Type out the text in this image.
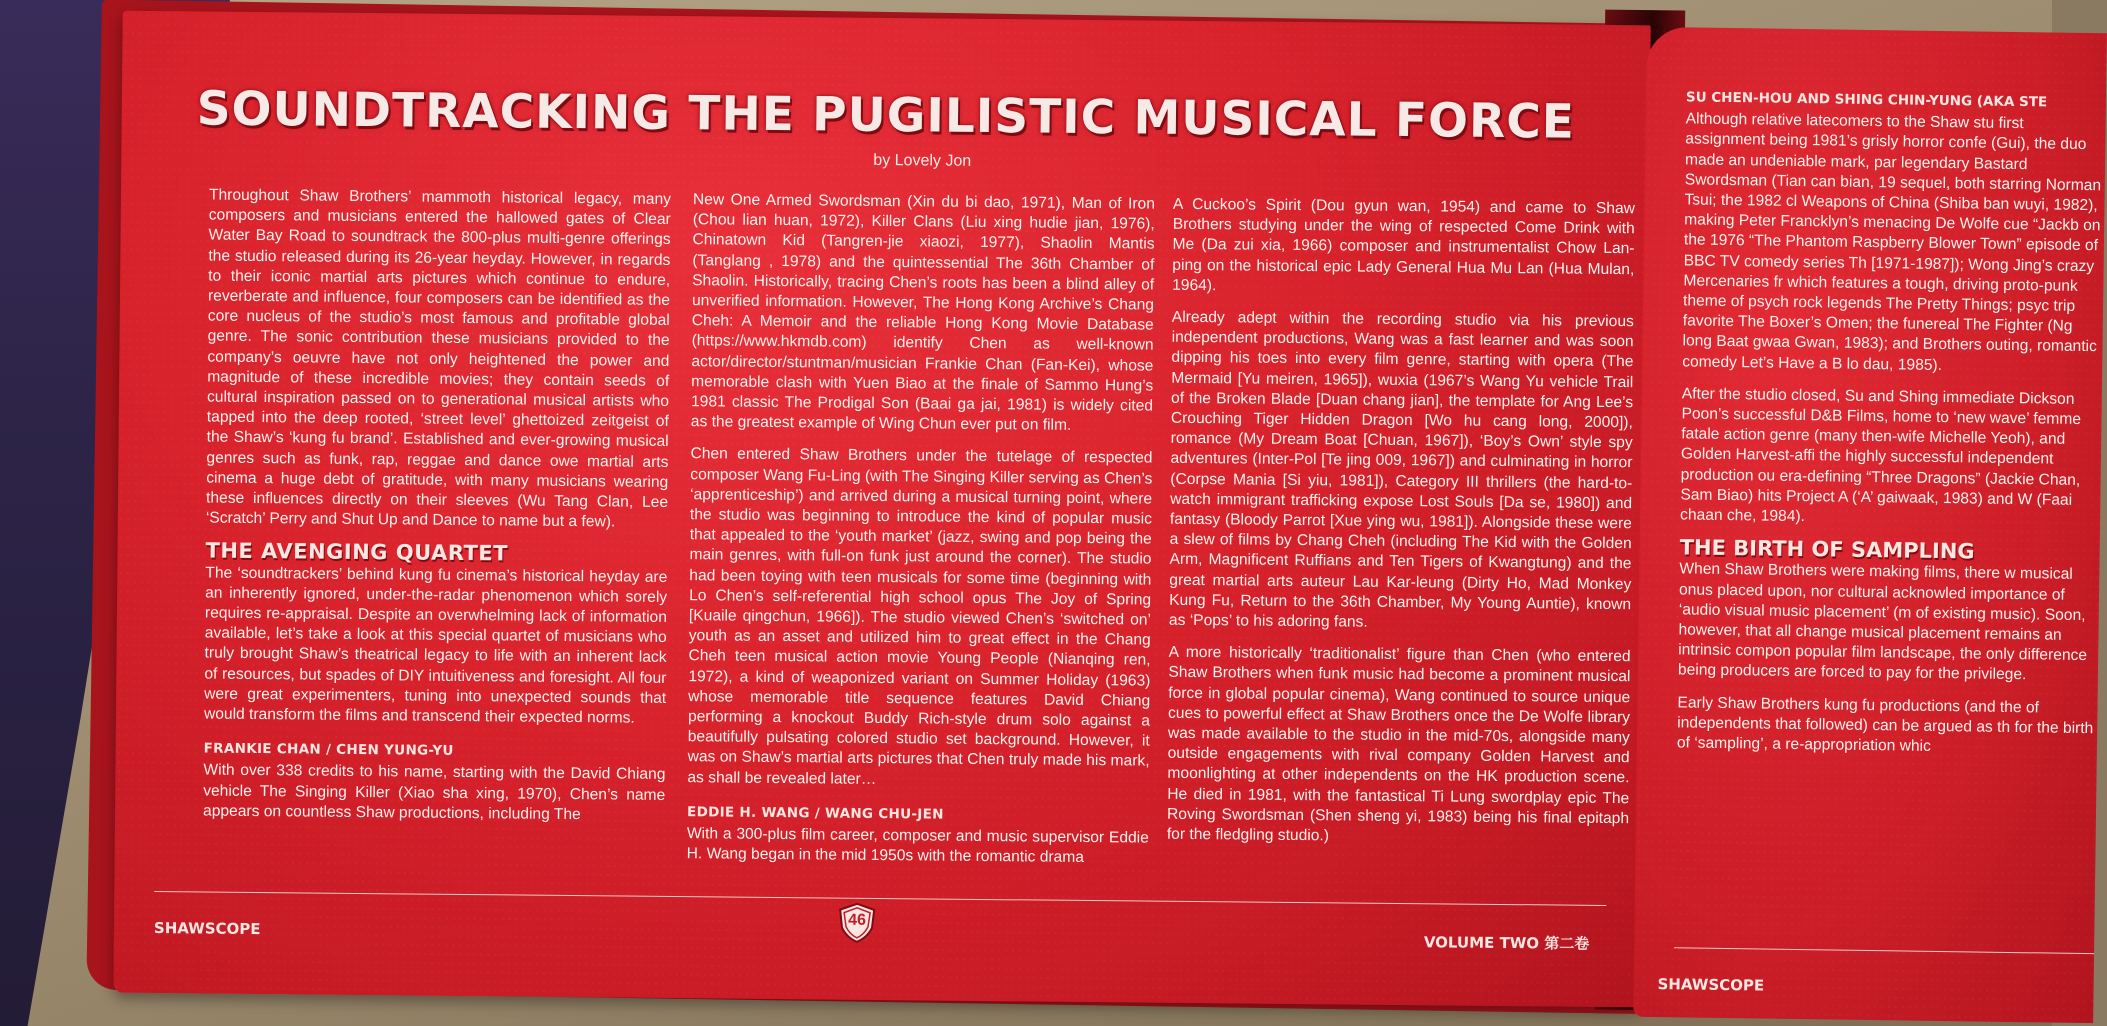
SOUNDTRACKING THE PUGILISTIC MUSICAL FORCE
by Lovely Jon

Throughout Shaw Brothers’ mammoth historical legacy, many composers and musicians entered the hallowed gates of Clear Water Bay Road to soundtrack the 800-plus multi-genre offerings the studio released during its 26-year heyday. However, in regards to their iconic martial arts pictures which continue to endure, reverberate and influence, four composers can be identified as the core nucleus of the studio’s most famous and profitable global genre. The sonic contribution these musicians provided to the company’s oeuvre have not only heightened the power and magnitude of these incredible movies; they contain seeds of cultural inspiration passed on to generational musical artists who tapped into the deep rooted, ‘street level’ ghettoized zeitgeist of the Shaw’s ‘kung fu brand’. Established and ever-growing musical genres such as funk, rap, reggae and dance owe martial arts cinema a huge debt of gratitude, with many musicians wearing these influences directly on their sleeves (Wu Tang Clan, Lee ‘Scratch’ Perry and Shut Up and Dance to name but a few).

THE AVENGING QUARTET

The ‘soundtrackers’ behind kung fu cinema’s historical heyday are an inherently ignored, under-the-radar phenomenon which sorely requires re-appraisal. Despite an overwhelming lack of information available, let’s take a look at this special quartet of musicians who truly brought Shaw’s theatrical legacy to life with an inherent lack of resources, but spades of DIY intuitiveness and foresight. All four were great experimenters, tuning into unexpected sounds that would transform the films and transcend their expected norms.

FRANKIE CHAN / CHEN YUNG-YU

With over 338 credits to his name, starting with the David Chiang vehicle The Singing Killer (Xiao sha xing, 1970), Chen’s name appears on countless Shaw productions, including The

New One Armed Swordsman (Xin du bi dao, 1971), Man of Iron (Chou lian huan, 1972), Killer Clans (Liu xing hudie jian, 1976), Chinatown Kid (Tangren-jie xiaozi, 1977), Shaolin Mantis (Tanglang , 1978) and the quintessential The 36th Chamber of Shaolin. Historically, tracing Chen’s roots has been a blind alley of unverified information. However, The Hong Kong Archive’s Chang Cheh: A Memoir and the reliable Hong Kong Movie Database (https://www.hkmdb.com) identify Chen as well-known actor/director/stuntman/musician Frankie Chan (Fan-Kei), whose memorable clash with Yuen Biao at the finale of Sammo Hung’s 1981 classic The Prodigal Son (Baai ga jai, 1981) is widely cited as the greatest example of Wing Chun ever put on film.

Chen entered Shaw Brothers under the tutelage of respected composer Wang Fu-Ling (with The Singing Killer serving as Chen’s ‘apprenticeship’) and arrived during a musical turning point, where the studio was beginning to introduce the kind of popular music that appealed to the ‘youth market’ (jazz, swing and pop being the main genres, with full-on funk just around the corner). The studio had been toying with teen musicals for some time (beginning with Lo Chen’s self-referential high school opus The Joy of Spring [Kuaile qingchun, 1966]). The studio viewed Chen’s ‘switched on’ youth as an asset and utilized him to great effect in the Chang Cheh teen musical action movie Young People (Nianqing ren, 1972), a kind of weaponized variant on Summer Holiday (1963) whose memorable title sequence features David Chiang performing a knockout Buddy Rich-style drum solo against a beautifully pulsating colored studio set background. However, it was on Shaw’s martial arts pictures that Chen truly made his mark, as shall be revealed later…

EDDIE H. WANG / WANG CHU-JEN

With a 300-plus film career, composer and music supervisor Eddie H. Wang began in the mid 1950s with the romantic drama

A Cuckoo’s Spirit (Dou gyun wan, 1954) and came to Shaw Brothers studying under the wing of respected Come Drink with Me (Da zui xia, 1966) composer and instrumentalist Chow Lan-ping on the historical epic Lady General Hua Mu Lan (Hua Mulan, 1964).

Already adept within the recording studio via his previous independent productions, Wang was a fast learner and was soon dipping his toes into every film genre, starting with opera (The Mermaid [Yu meiren, 1965]), wuxia (1967’s Wang Yu vehicle Trail of the Broken Blade [Duan chang jian], the template for Ang Lee’s Crouching Tiger Hidden Dragon [Wo hu cang long, 2000]), romance (My Dream Boat [Chuan, 1967]), ‘Boy’s Own’ style spy adventures (Inter-Pol [Te jing 009, 1967]) and culminating in horror (Corpse Mania [Si yiu, 1981]), Category III thrillers (the hard-to-watch immigrant trafficking expose Lost Souls [Da se, 1980]) and fantasy (Bloody Parrot [Xue ying wu, 1981]). Alongside these were a slew of films by Chang Cheh (including The Kid with the Golden Arm, Magnificent Ruffians and Ten Tigers of Kwangtung) and the great martial arts auteur Lau Kar-leung (Dirty Ho, Mad Monkey Kung Fu, Return to the 36th Chamber, My Young Auntie), known as ‘Pops’ to his adoring fans.

A more historically ‘traditionalist’ figure than Chen (who entered Shaw Brothers when funk music had become a prominent musical force in global popular cinema), Wang continued to source unique cues to powerful effect at Shaw Brothers once the De Wolfe library was made available to the studio in the mid-70s, alongside many outside engagements with rival company Golden Harvest and moonlighting at other independents on the HK production scene. He died in 1981, with the fantastical Ti Lung swordplay epic The Roving Swordsman (Shen sheng yi, 1983) being his final epitaph for the fledgling studio.)

SHAWSCOPE	46
VOLUME TWO 第二卷
SU CHEN-HOU AND SHING CHIN-YUNG (AKA STE

Although relative latecomers to the Shaw stu first assignment being 1981’s grisly horror confe (Gui), the duo made an undeniable mark, par legendary Bastard Swordsman (Tian can bian, 19 sequel, both starring Norman Tsui; the 1982 cl Weapons of China (Shiba ban wuyi, 1982), making Peter Francklyn’s menacing De Wolfe cue “Jackb on the 1976 “The Phantom Raspberry Blower Town” episode of BBC TV comedy series Th [1971-1987]); Wong Jing’s crazy Mercenaries fr which features a tough, driving proto-punk theme of psych rock legends The Pretty Things; psyc trip favorite The Boxer’s Omen; the funereal The Fighter (Ng long Baat gwaa Gwan, 1983); and Brothers outing, romantic comedy Let’s Have a B lo dau, 1985).

After the studio closed, Su and Shing immediate Dickson Poon’s successful D&B Films, home to ‘new wave’ femme fatale action genre (many then-wife Michelle Yeoh), and Golden Harvest-affi the highly successful independent production ou era-defining “Three Dragons” (Jackie Chan, Sam Biao) hits Project A (‘A’ gaiwaak, 1983) and W (Faai chaan che, 1984).

THE BIRTH OF SAMPLING

When Shaw Brothers were making films, there w musical onus placed upon, nor cultural acknowled importance of ‘audio visual music placement’ (m of existing music). Soon, however, that all change musical placement remains an intrinsic compon popular film landscape, the only difference being producers are forced to pay for the privilege.

Early Shaw Brothers kung fu productions (and the of independents that followed) can be argued as th for the birth of ‘sampling’, a re-appropriation whic

SHAWSCOPE
